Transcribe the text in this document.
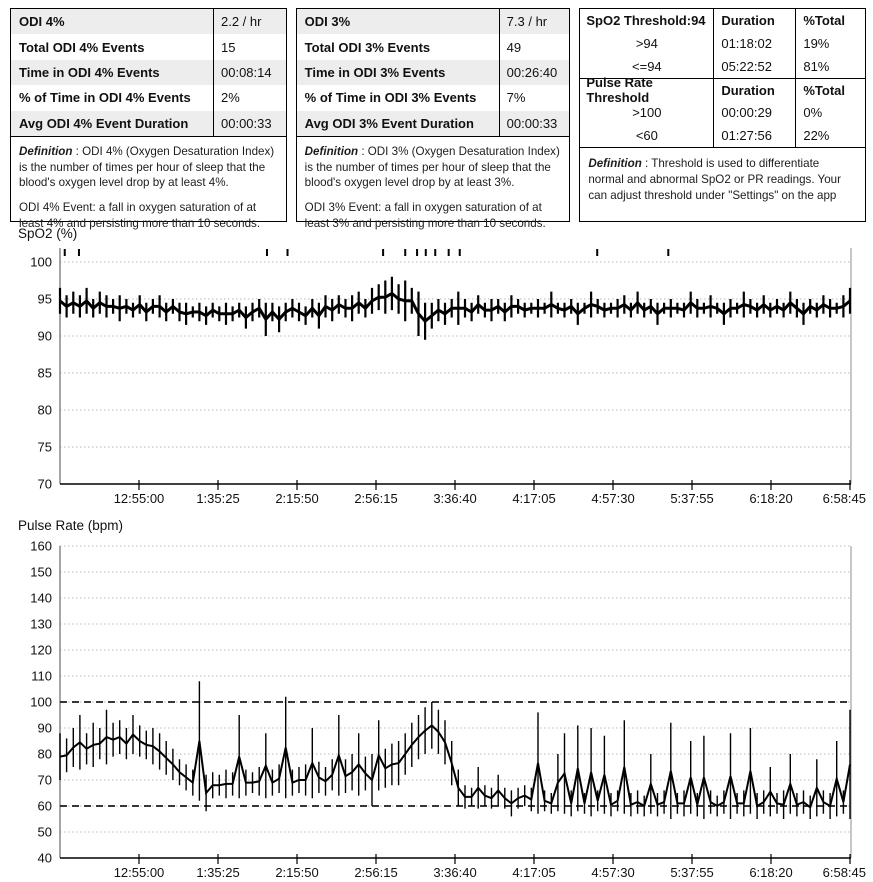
ODI 4%	2.2 / hr
Total ODI 4% Events	15
Time in ODI 4% Events	00:08:14
% of Time in ODI 4% Events	2%
Avg ODI 4% Event Duration	00:00:33

Definition : ODI 4% (Oxygen Desaturation Index) is the number of times per hour of sleep that the blood's oxygen level drop by at least 4%.

ODI 4% Event: a fall in oxygen saturation of at least 4% and persisting more than 10 seconds.

ODI 3%	7.3 / hr
Total ODI 3% Events	49
Time in ODI 3% Events	00:26:40
% of Time in ODI 3% Events	7%
Avg ODI 3% Event Duration	00:00:33

Definition : ODI 3% (Oxygen Desaturation Index) is the number of times per hour of sleep that the blood's oxygen level drop by at least 3%.

ODI 3% Event: a fall in oxygen saturation of at least 3% and persisting more than 10 seconds.

SpO2 Threshold:94	Duration	%Total
>94	01:18:02	19%
<=94	05:22:52	81%
Pulse Rate Threshold	Duration	%Total
>100	00:00:29	0%
<60	01:27:56	22%

Definition : Threshold is used to differentiate normal and abnormal SpO2 or PR readings. Your can adjust threshold under "Settings" on the app

SpO2 (%)
100
95
90
85
80
75
70
12:55:00 1:35:25	2:15:50	2:56:15	3:36:40	4:17:05	4:57:30	5:37:55	6:18:20 6:58:45
Pulse Rate (bpm)
160
150
140
130
120
110
100
90
80
70
60
50
40
12:55:00 1:35:25	2:15:50	2:56:15	3:36:40	4:17:05	4:57:30	5:37:55	6:18:20 6:58:45
